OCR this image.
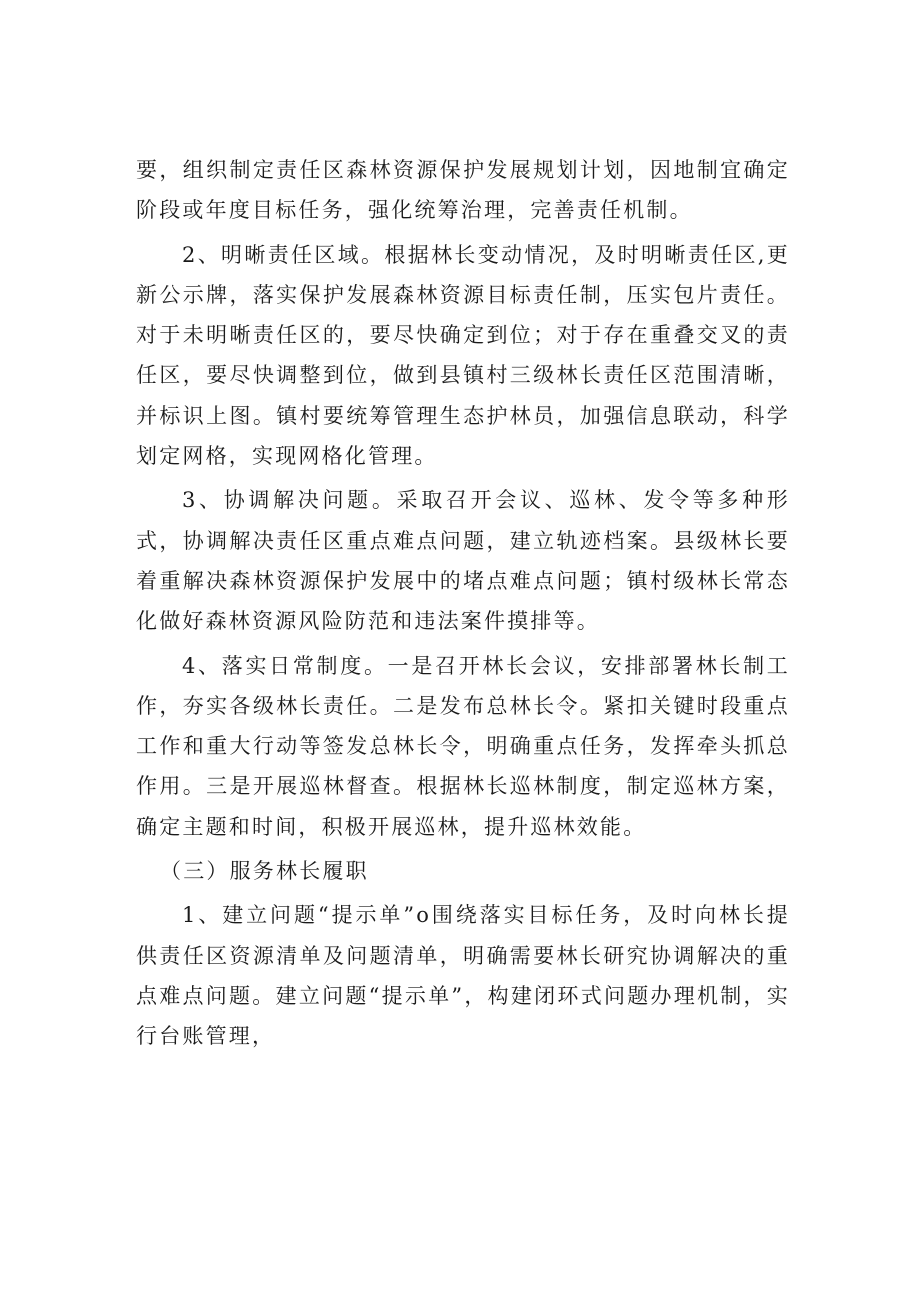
要，组织制定责任区森林资源保护发展规划计划，因地制宜确定阶段或年度目标任务，强化统筹治理，完善责任机制。

2、明晰责任区域。根据林长变动情况，及时明晰责任区,更新公示牌，落实保护发展森林资源目标责任制，压实包片责任。对于未明晰责任区的，要尽快确定到位；对于存在重叠交叉的责任区，要尽快调整到位，做到县镇村三级林长责任区范围清晰，并标识上图。镇村要统筹管理生态护林员，加强信息联动，科学划定网格，实现网格化管理。

3、协调解决问题。采取召开会议、巡林、发令等多种形式，协调解决责任区重点难点问题，建立轨迹档案。县级林长要着重解决森林资源保护发展中的堵点难点问题；镇村级林长常态化做好森林资源风险防范和违法案件摸排等。

4、落实日常制度。一是召开林长会议，安排部署林长制工作，夯实各级林长责任。二是发布总林长令。紧扣关键时段重点工作和重大行动等签发总林长令，明确重点任务，发挥牵头抓总作用。三是开展巡林督查。根据林长巡林制度，制定巡林方案，确定主题和时间，积极开展巡林，提升巡林效能。

（三）服务林长履职

1、建立问题“提示单”o围绕落实目标任务，及时向林长提供责任区资源清单及问题清单，明确需要林长研究协调解决的重点难点问题。建立问题“提示单”，构建闭环式问题办理机制，实行台账管理，
